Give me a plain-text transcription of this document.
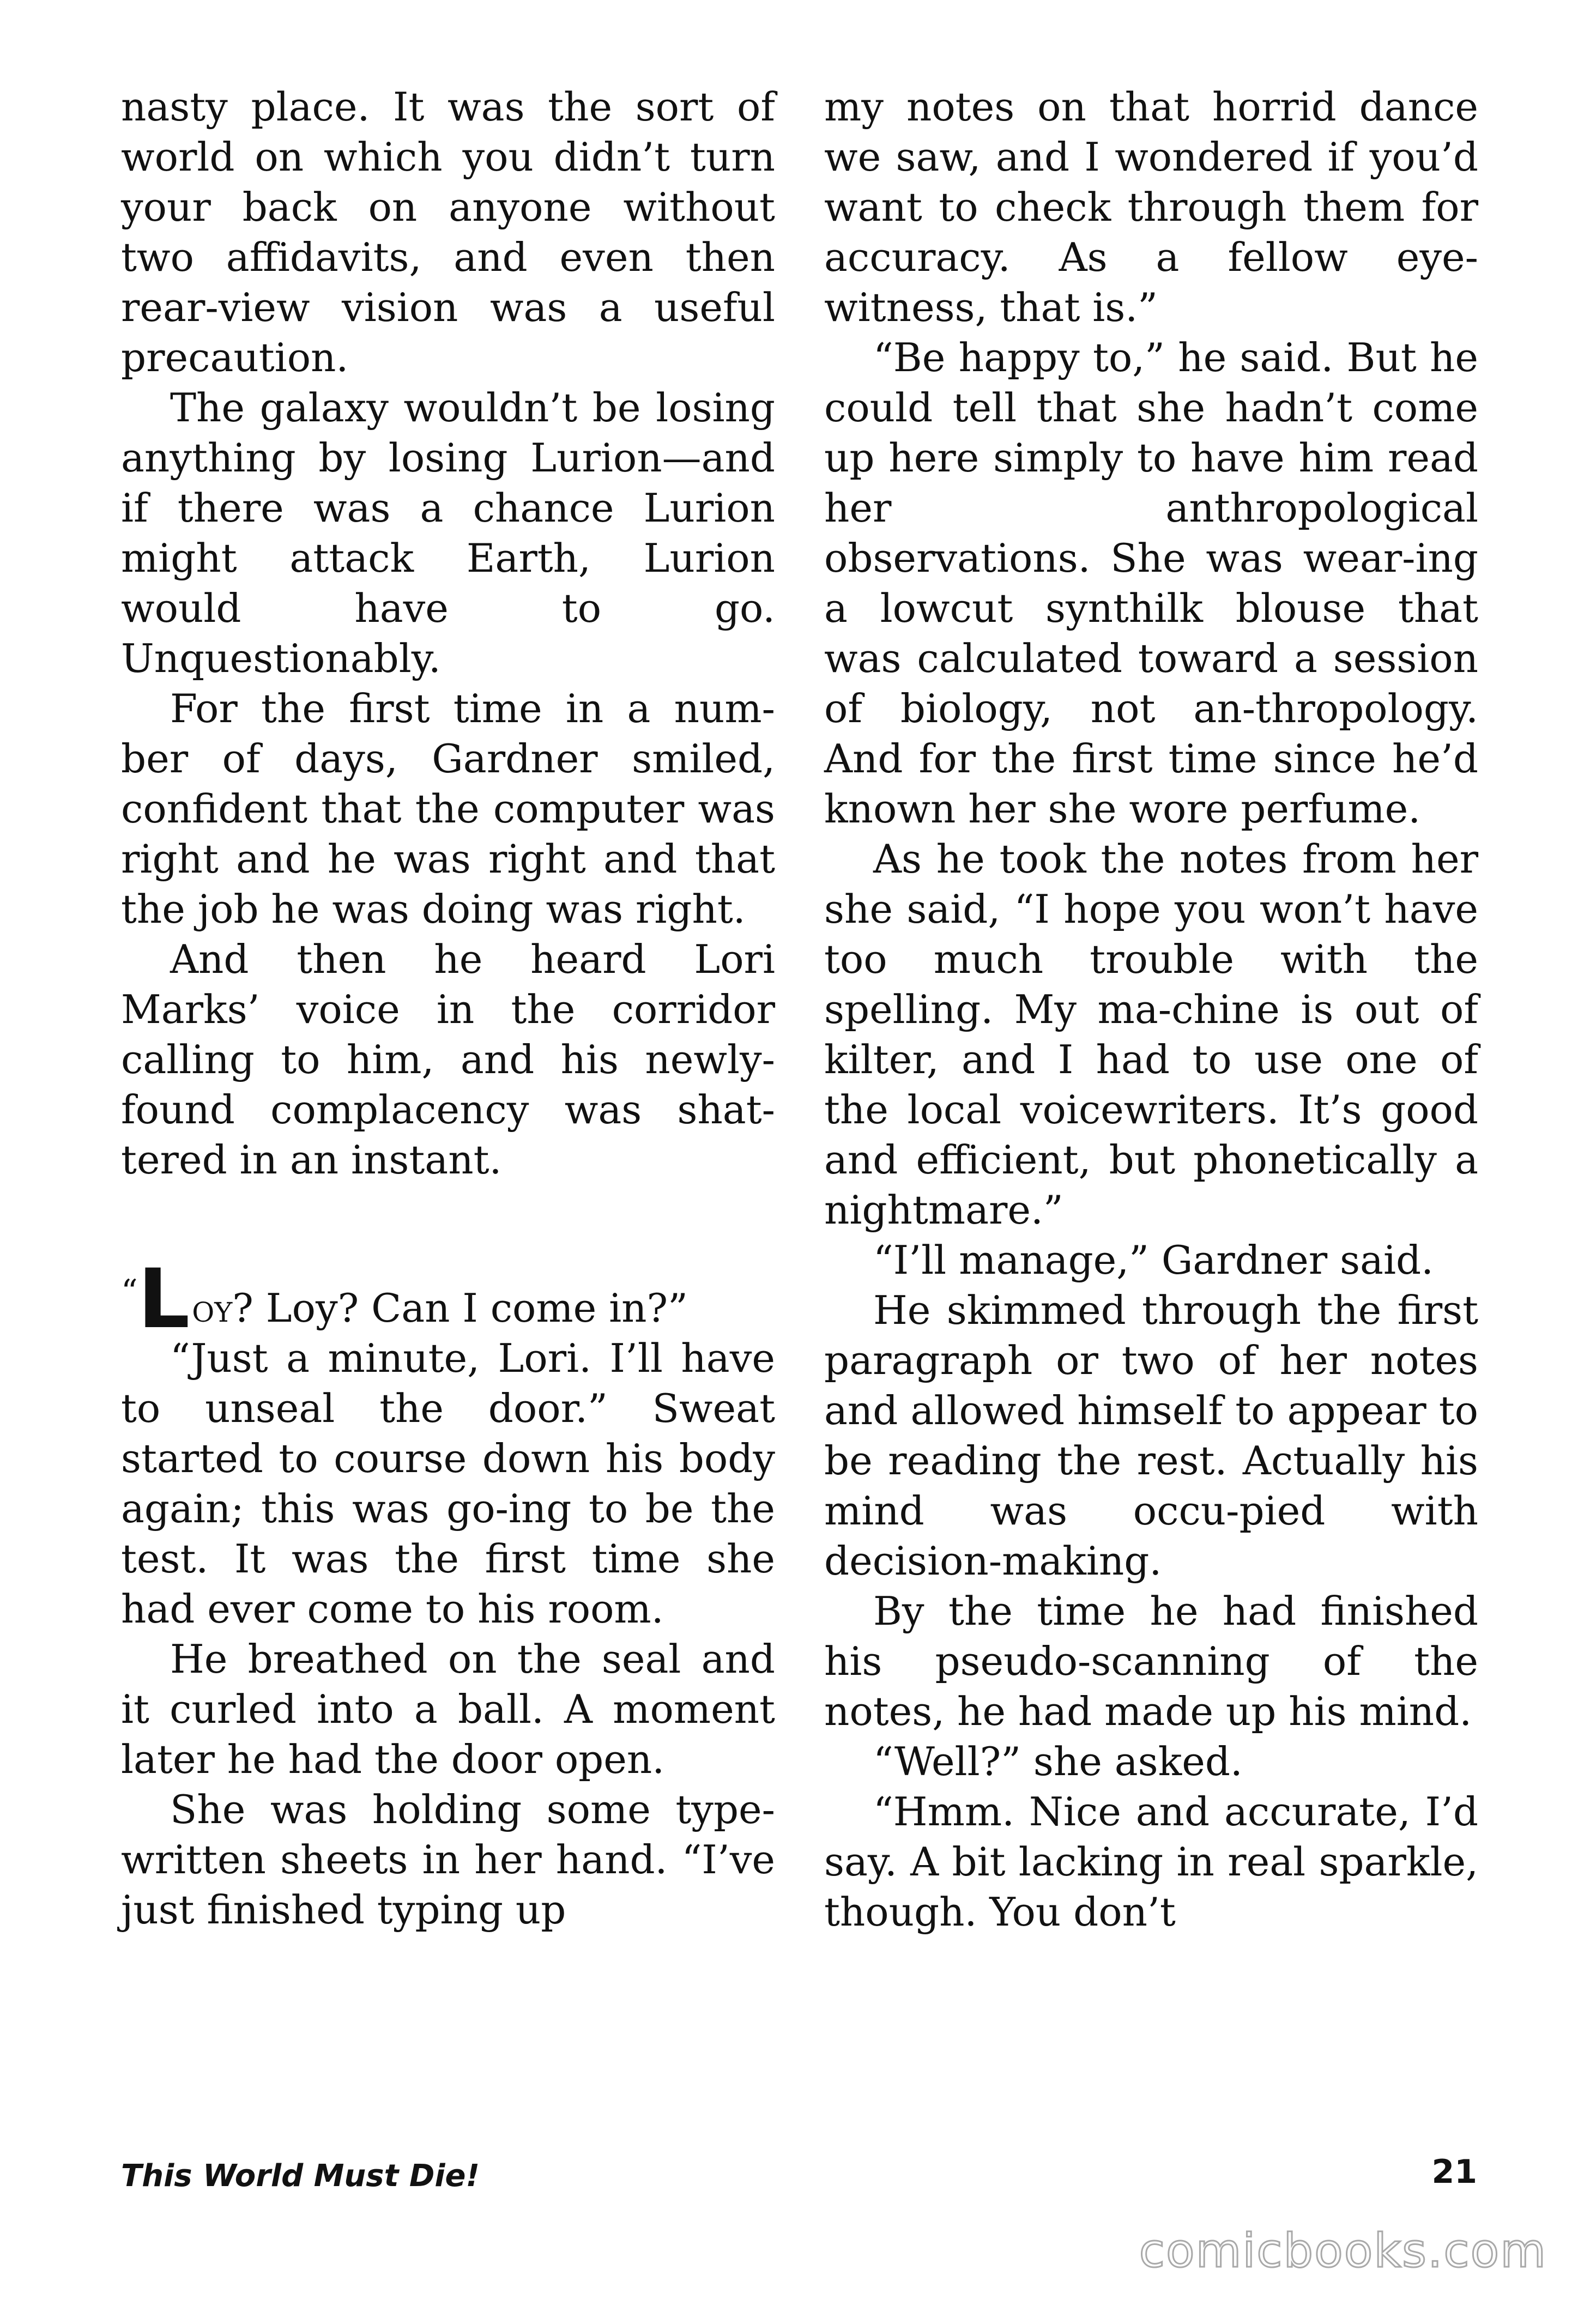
nasty place. It was the sort of world on which you didn’t turn your back on anyone without two affidavits, and even then rear-view vision was a useful precaution.

The galaxy wouldn’t be losing anything by losing Lurion—and if there was a chance Lurion might attack Earth, Lurion would have to go. Unquestionably.

For the first time in a num-ber of days, Gardner smiled, confident that the computer was right and he was right and that the job he was doing was right.

And then he heard Lori Marks’ voice in the corridor calling to him, and his newly-found complacency was shat-tered in an instant.

“Loy? Loy? Can I come in?”

“Just a minute, Lori. I’ll have to unseal the door.” Sweat started to course down his body again; this was go-ing to be the test. It was the first time she had ever come to his room.

He breathed on the seal and it curled into a ball. A moment later he had the door open.

She was holding some type-written sheets in her hand. “I’ve just finished typing up

my notes on that horrid dance we saw, and I wondered if you’d want to check through them for accuracy. As a fellow eye-witness, that is.”

“Be happy to,” he said. But he could tell that she hadn’t come up here simply to have him read her anthropological observations. She was wear-ing a lowcut synthilk blouse that was calculated toward a session of biology, not an-thropology. And for the first time since he’d known her she wore perfume.

As he took the notes from her she said, “I hope you won’t have too much trouble with the spelling. My ma-chine is out of kilter, and I had to use one of the local voicewriters. It’s good and efficient, but phonetically a nightmare.”

“I’ll manage,” Gardner said.

He skimmed through the first paragraph or two of her notes and allowed himself to appear to be reading the rest. Actually his mind was occu-pied with decision-making.

By the time he had finished his pseudo-scanning of the notes, he had made up his mind.

“Well?” she asked.

“Hmm. Nice and accurate, I’d say. A bit lacking in real sparkle, though. You don’t

This World Must Die!	21
comicbooks.com
